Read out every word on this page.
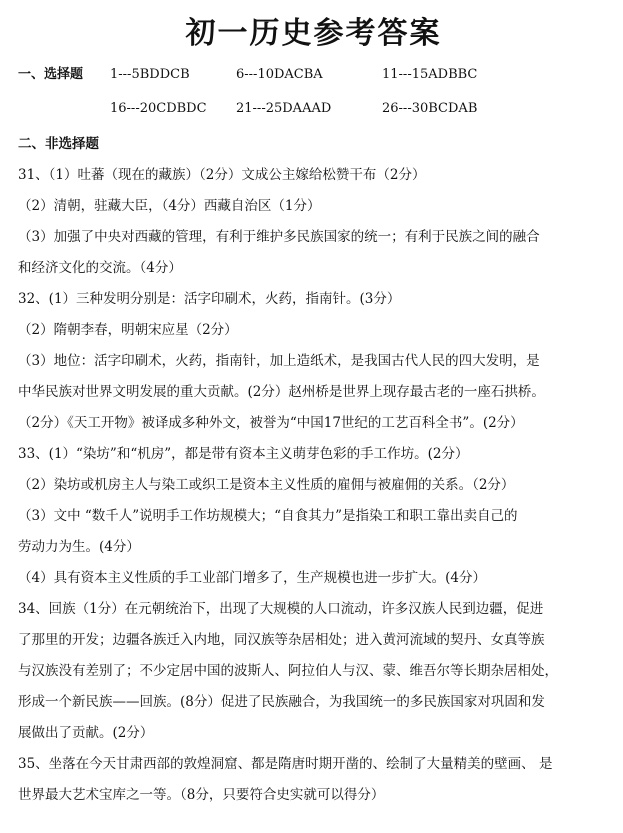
初一历史参考答案
一、选择题	1---5BDDCB	6---10DACBA	11---15ADBBC
16---20CDBDC	21---25DAAAD	26---30BCDAB
二、非选择题
31、（1）吐蕃（现在的藏族）（2分）文成公主嫁给松赞干布（2分）
（2）清朝，驻藏大臣，（4分）西藏自治区（1分）
（3）加强了中央对西藏的管理，有利于维护多民族国家的统一；有利于民族之间的融合
和经济文化的交流。（4分）
32、(1）三种发明分别是：活字印刷术，火药，指南针。(3分）
（2）隋朝李春，明朝宋应星（2分）
（3）地位：活字印刷术，火药，指南针，加上造纸术，是我国古代人民的四大发明，是
中华民族对世界文明发展的重大贡献。(2分）赵州桥是世界上现存最古老的一座石拱桥。
（2分）《天工开物》被译成多种外文，被誉为“中国17世纪的工艺百科全书”。(2分）
33、(1）“染坊”和“机房”，都是带有资本主义萌芽色彩的手工作坊。(2分）
（2）染坊或机房主人与染工或织工是资本主义性质的雇佣与被雇佣的关系。（2分）
（3）文中 “数千人”说明手工作坊规模大；“自食其力”是指染工和职工靠出卖自己的
劳动力为生。(4分）
（4）具有资本主义性质的手工业部门增多了，生产规模也进一步扩大。(4分）
34、回族（1分）在元朝统治下，出现了大规模的人口流动，许多汉族人民到边疆，促进
了那里的开发；边疆各族迁入内地，同汉族等杂居相处；进入黄河流域的契丹、女真等族
与汉族没有差别了；不少定居中国的波斯人、阿拉伯人与汉、蒙、维吾尔等长期杂居相处，
形成一个新民族——回族。(8分）促进了民族融合，为我国统一的多民族国家对巩固和发
展做出了贡献。(2分）
35、坐落在今天甘肃西部的敦煌洞窟、都是隋唐时期开凿的、绘制了大量精美的壁画、 是
世界最大艺术宝库之一等。（8分，只要符合史实就可以得分）
